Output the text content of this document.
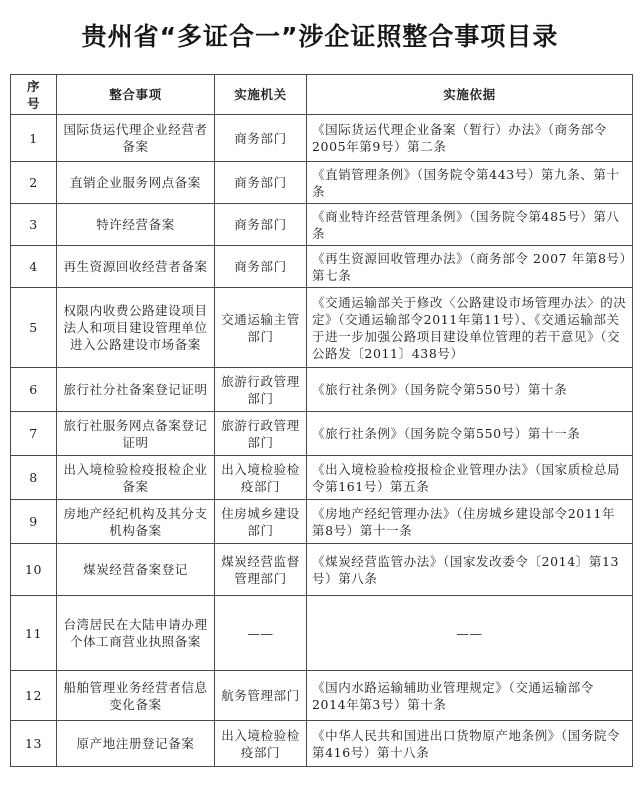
贵州省“多证合一”涉企证照整合事项目录
序
号	整合事项	实施机关	实施依据
1	国际货运代理企业经营者备案	商务部门	《国际货运代理企业备案（暂行）办法》（商务部令2005年第9号）第二条
2	直销企业服务网点备案	商务部门	《直销管理条例》（国务院令第443号）第九条、第十条
3	特许经营备案	商务部门	《商业特许经营管理条例》（国务院令第485号）第八条
4	再生资源回收经营者备案	商务部门	《再生资源回收管理办法》（商务部令 2007 年第8号）第七条
5	权限内收费公路建设项目法人和项目建设管理单位进入公路建设市场备案	交通运输主管部门	《交通运输部关于修改〈公路建设市场管理办法〉的决定》（交通运输部令2011年第11号）、《交通运输部关于进一步加强公路项目建设单位管理的若干意见》（交公路发〔2011〕438号）
6	旅行社分社备案登记证明	旅游行政管理部门	《旅行社条例》（国务院令第550号）第十条
7	旅行社服务网点备案登记证明	旅游行政管理部门	《旅行社条例》（国务院令第550号）第十一条
8	出入境检验检疫报检企业备案	出入境检验检疫部门	《出入境检验检疫报检企业管理办法》（国家质检总局令第161号）第五条
9	房地产经纪机构及其分支机构备案	住房城乡建设部门	《房地产经纪管理办法》（住房城乡建设部令2011年第8号）第十一条
10	煤炭经营备案登记	煤炭经营监督管理部门	《煤炭经营监管办法》（国家发改委令〔2014〕第13号）第八条
11	台湾居民在大陆申请办理个体工商营业执照备案	——	——
12	船舶管理业务经营者信息变化备案	航务管理部门	《国内水路运输辅助业管理规定》（交通运输部令2014年第3号）第十条
13	原产地注册登记备案	出入境检验检疫部门	《中华人民共和国进出口货物原产地条例》（国务院令第416号）第十八条
